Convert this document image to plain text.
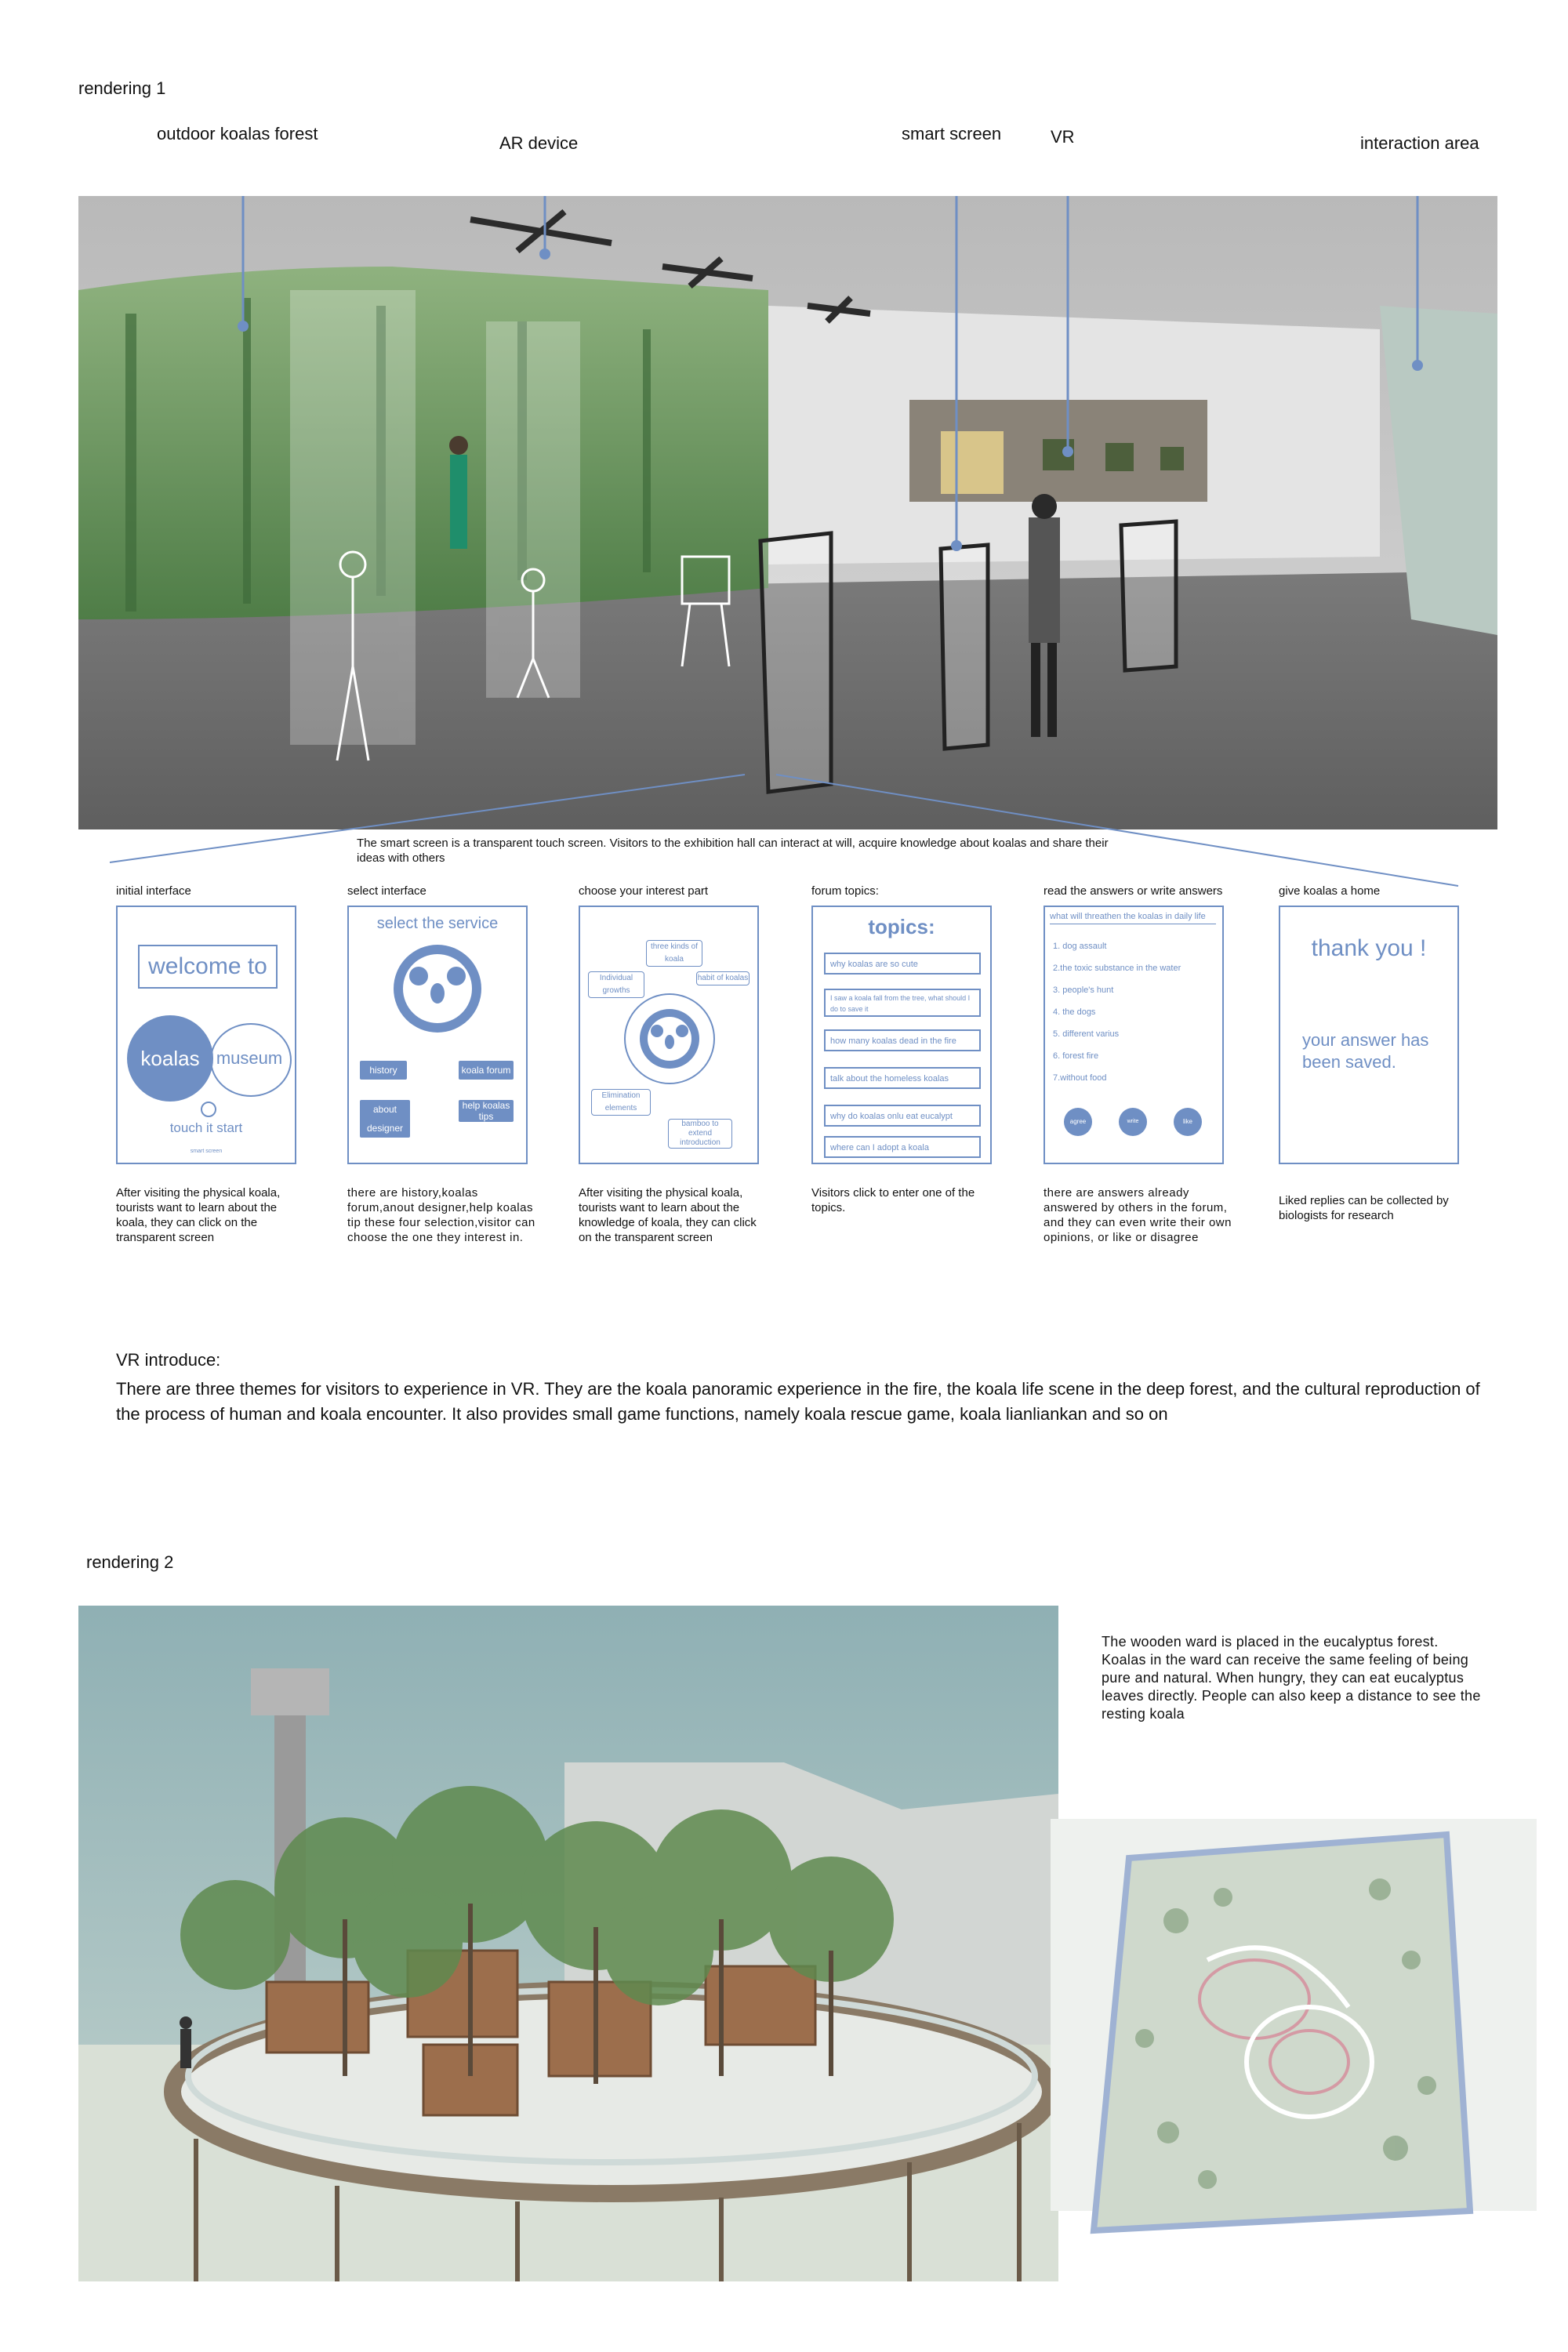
rendering 1
outdoor koalas forest	AR device	smart screen	VR	interaction area
The smart screen is a transparent touch screen. Visitors to the exhibition hall can interact at will, acquire knowledge about koalas and share their ideas with others
initial interface
welcome to
koalas museum
touch it start
smart screen
After visiting the physical koala, tourists want to learn about the koala, they can click on the transparent screen
select interface
select the service
history	koala forum
about designer
help koalas tips
there are history,koalas forum,anout designer,help koalas tip these four selection,visitor can choose the one they interest in.
choose your interest part
three kinds of koala
Individual growths
habit of koalas
Elimination elements
bamboo to extend introduction
After visiting the physical koala, tourists want to learn about the knowledge of koala, they can click on the transparent screen
forum topics:
topics:
why koalas are so cute
I saw a koala fall from the tree, what should I do to save it
how many koalas dead in the fire
talk about the homeless koalas
why do koalas onlu eat eucalypt
where can I adopt a koala
Visitors click to enter one of the topics.
read the answers or write answers
what will threathen the koalas in daily life
1. dog assault
2.the toxic substance in the water
3. people's hunt
4. the dogs
5. different varius
6. forest fire
7.without food
agree	write answer
like
there are answers already answered by others in the forum, and they can even write their own opinions, or like or disagree
give koalas a home
thank you !
your answer has been saved.
Liked replies can be collected by biologists for research
VR introduce:
There are three themes for visitors to experience in VR. They are the koala panoramic experience in the fire, the koala life scene in the deep forest, and the cultural reproduction of the process of human and koala encounter. It also provides small game functions, namely koala rescue game, koala lianliankan and so on
rendering 2
The wooden ward is placed in the eucalyptus forest. Koalas in the ward can receive the same feeling of being pure and natural. When hungry, they can eat eucalyptus leaves directly. People can also keep a distance to see the resting koala
